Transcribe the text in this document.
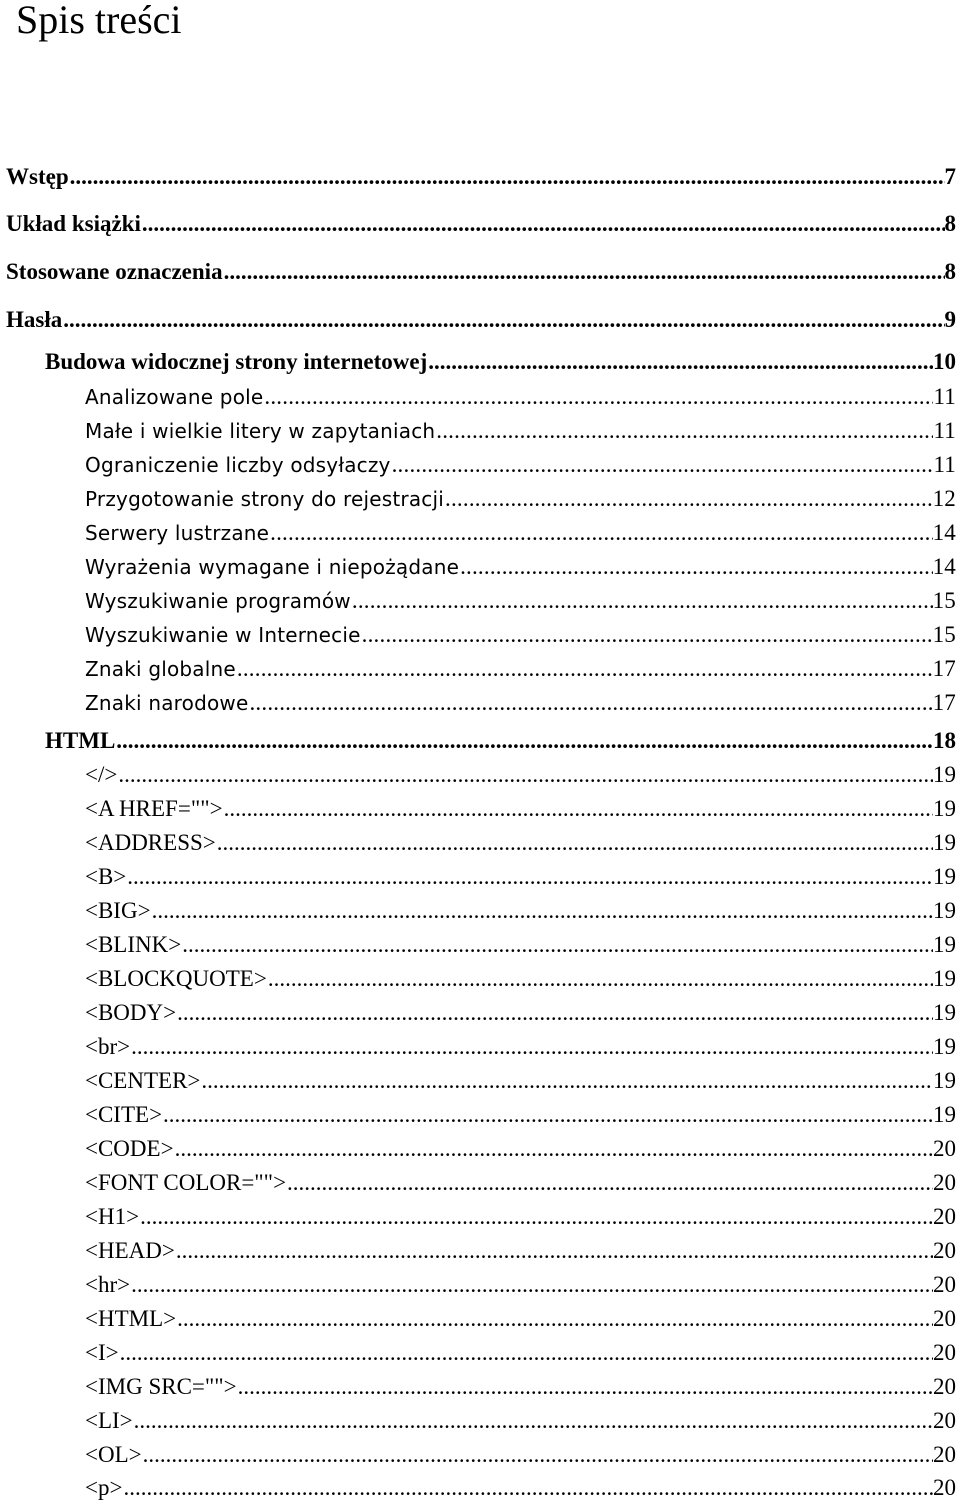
Spis treści
Wstęp .....	7
Układ książki .....	8
Stosowane oznaczenia .....	8
Hasła .....	9
Budowa widocznej strony internetowej .....	10
Analizowane pole .....	11
Małe i wielkie litery w zapytaniach .....	11
Ograniczenie liczby odsyłaczy .....	11
Przygotowanie strony do rejestracji .....	12
Serwery lustrzane .....	14
Wyrażenia wymagane i niepożądane .....	14
Wyszukiwanie programów .....	15
Wyszukiwanie w Internecie .....	15
Znaki globalne .....	17
Znaki narodowe .....	17
HTML .....	18
</> .....	19
<A HREF=""> .....	19
<ADDRESS> .....	19
<B> .....	19
<BIG> .....	19
<BLINK> .....	19
<BLOCKQUOTE> .....	19
<BODY> .....	19
<br> .....	19
<CENTER> .....	19
<CITE> .....	19
<CODE> .....	20
<FONT COLOR=""> .....	20
<H1> .....	20
<HEAD> .....	20
<hr> .....	20
<HTML> .....	20
<I> .....	20
<IMG SRC=""> .....	20
<LI> .....	20
<OL> .....	20
<p> .....	20
